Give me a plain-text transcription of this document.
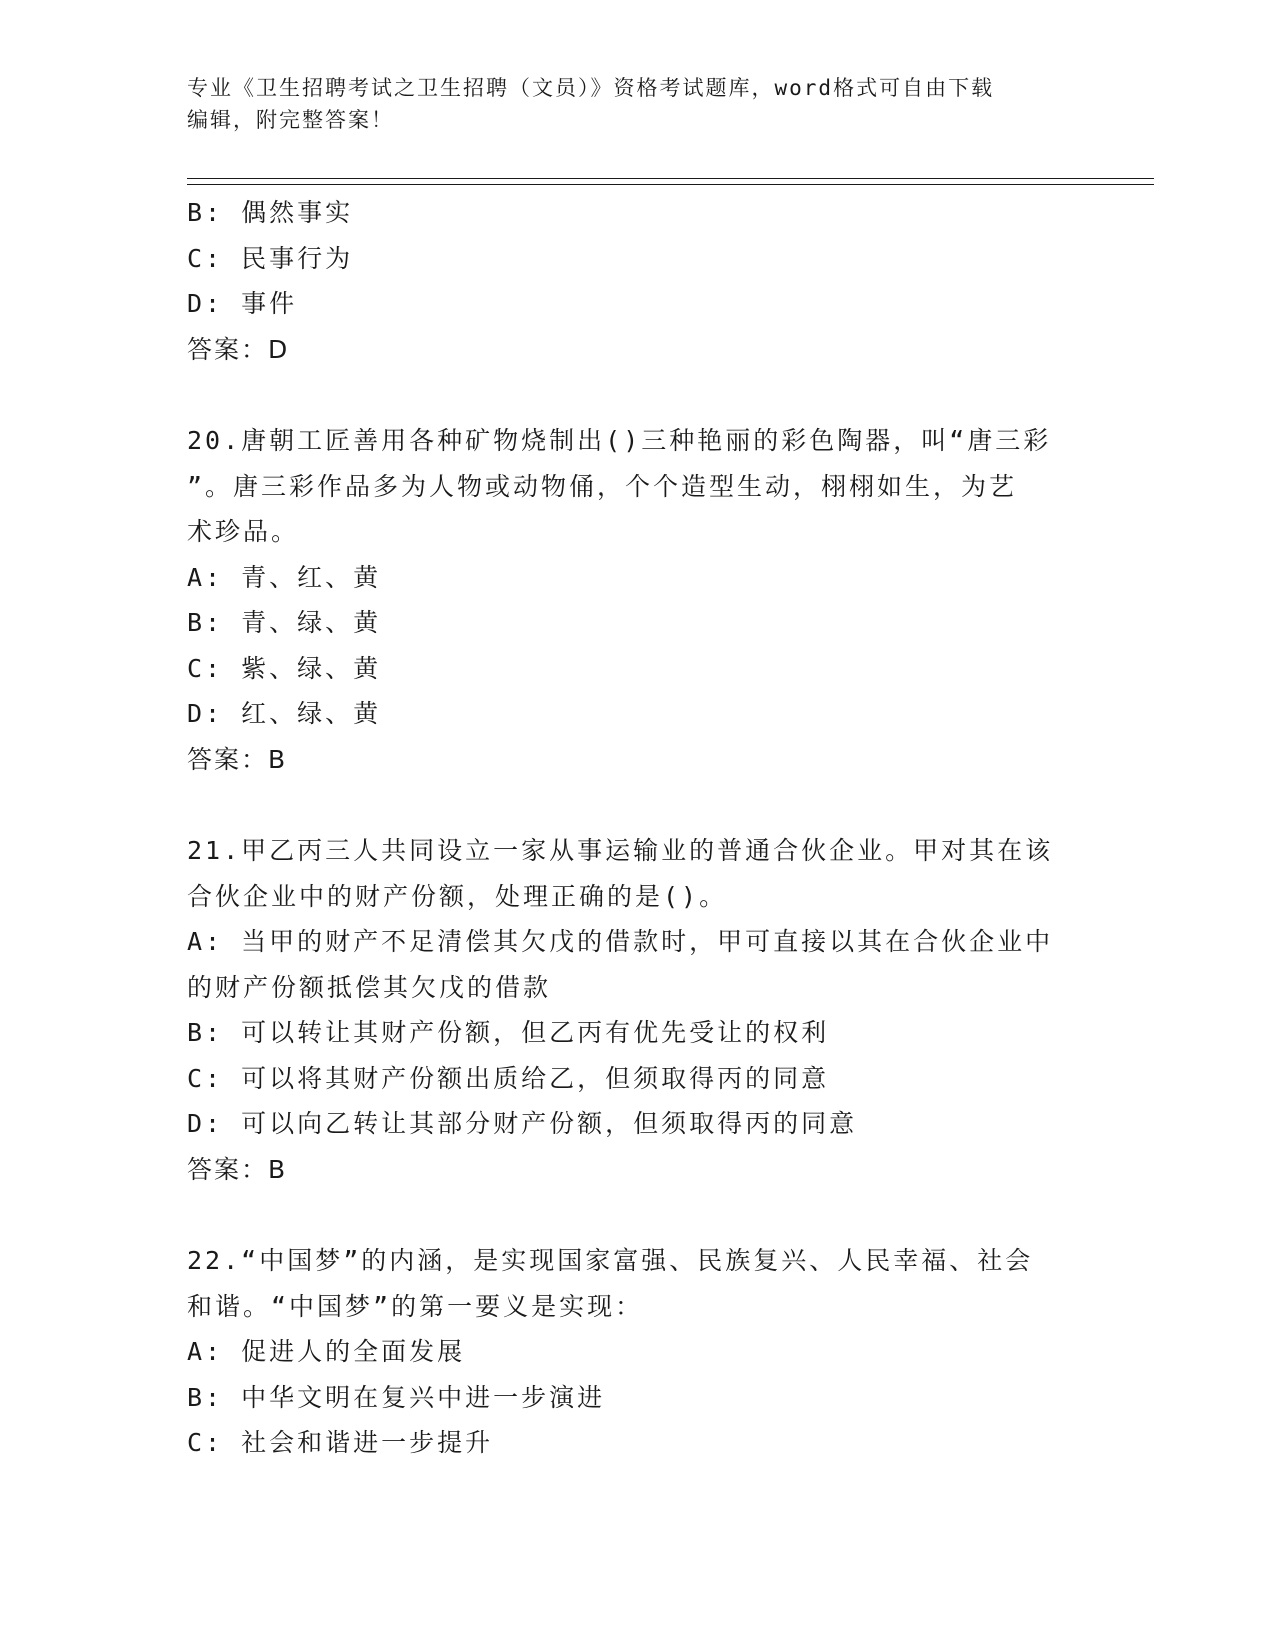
专业《卫生招聘考试之卫生招聘（文员）》资格考试题库，word格式可自由下载
编辑，附完整答案！
B: 偶然事实
C: 民事行为
D: 事件
答案：D
20.唐朝工匠善用各种矿物烧制出()三种艳丽的彩色陶器，叫“唐三彩
”。唐三彩作品多为人物或动物俑，个个造型生动，栩栩如生，为艺
术珍品。
A: 青、红、黄
B: 青、绿、黄
C: 紫、绿、黄
D: 红、绿、黄
答案：B
21.甲乙丙三人共同设立一家从事运输业的普通合伙企业。甲对其在该
合伙企业中的财产份额，处理正确的是()。
A: 当甲的财产不足清偿其欠戊的借款时，甲可直接以其在合伙企业中
的财产份额抵偿其欠戊的借款
B: 可以转让其财产份额，但乙丙有优先受让的权利
C: 可以将其财产份额出质给乙，但须取得丙的同意
D: 可以向乙转让其部分财产份额，但须取得丙的同意
答案：B
22.“中国梦”的内涵，是实现国家富强、民族复兴、人民幸福、社会
和谐。“中国梦”的第一要义是实现：
A: 促进人的全面发展
B: 中华文明在复兴中进一步演进
C: 社会和谐进一步提升
